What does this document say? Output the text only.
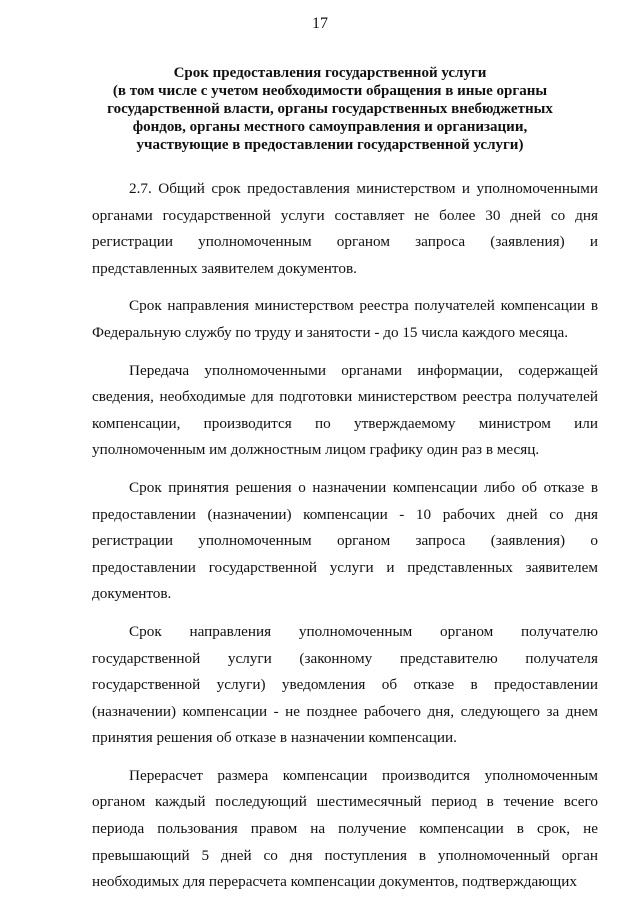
17
Срок предоставления государственной услуги
(в том числе с учетом необходимости обращения в иные органы
государственной власти, органы государственных внебюджетных
фондов, органы местного самоуправления и организации,
участвующие в предоставлении государственной услуги)

2.7. Общий срок предоставления министерством и уполномоченными органами государственной услуги составляет не более 30 дней со дня регистрации уполномоченным органом запроса (заявления) и представленных заявителем документов.

Срок направления министерством реестра получателей компенсации в Федеральную службу по труду и занятости - до 15 числа каждого месяца.

Передача уполномоченными органами информации, содержащей сведения, необходимые для подготовки министерством реестра получателей компенсации, производится по утверждаемому министром или уполномоченным им должностным лицом графику один раз в месяц.

Срок принятия решения о назначении компенсации либо об отказе в предоставлении (назначении) компенсации - 10 рабочих дней со дня регистрации уполномоченным органом запроса (заявления) о предоставлении государственной услуги и представленных заявителем документов.

Срок направления уполномоченным органом получателю государственной услуги (законному представителю получателя государственной услуги) уведомления об отказе в предоставлении (назначении) компенсации - не позднее рабочего дня, следующего за днем принятия решения об отказе в назначении компенсации.

Перерасчет размера компенсации производится уполномоченным органом каждый последующий шестимесячный период в течение всего периода пользования правом на получение компенсации в срок, не превышающий 5 дней со дня поступления в уполномоченный орган необходимых для перерасчета компенсации документов, подтверждающих
